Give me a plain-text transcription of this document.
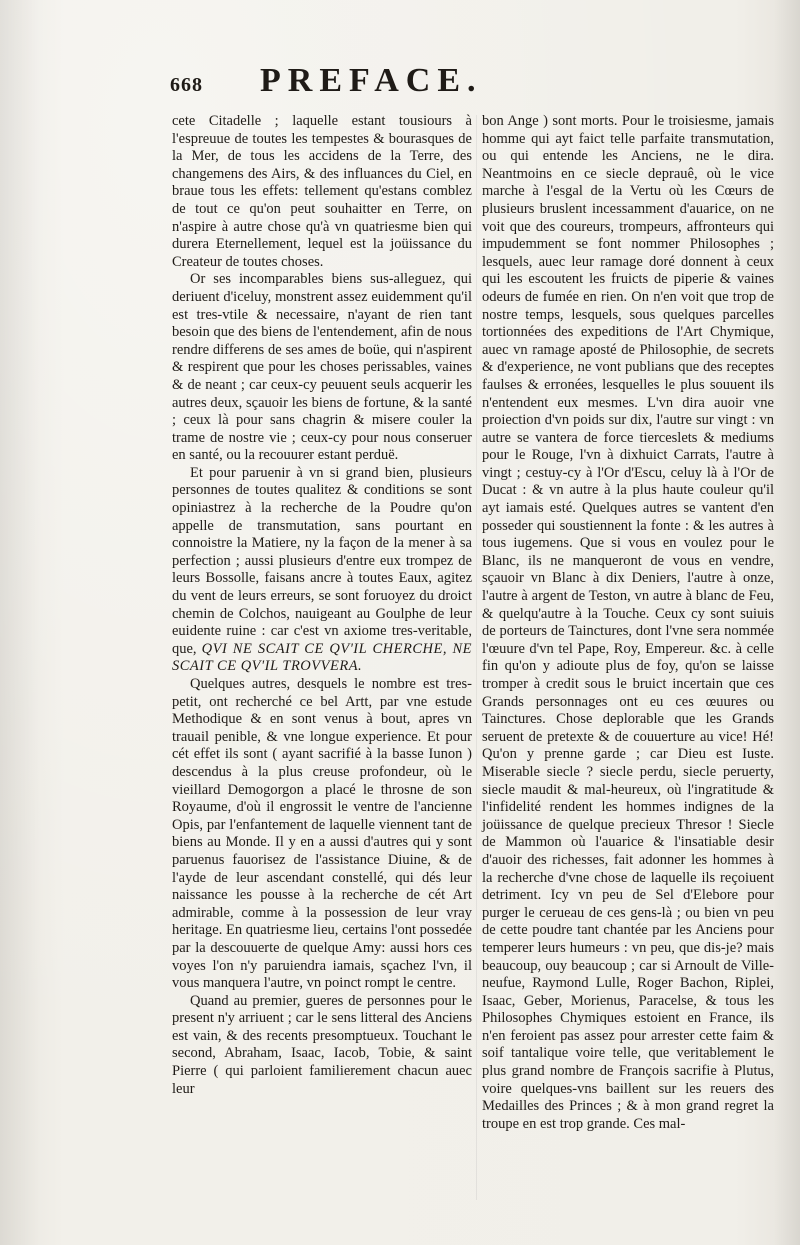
668 PREFACE.

cete Citadelle ; laquelle estant tousiours à l'espreuue de toutes les tempestes & bourasques de la Mer, de tous les accidens de la Terre, des changemens des Airs, & des influances du Ciel, en braue tous les effets: tellement qu'estans comblez de tout ce qu'on peut souhaitter en Terre, on n'aspire à autre chose qu'à vn quatriesme bien qui durera Eternellement, lequel est la joüissance du Createur de toutes choses.

Or ses incomparables biens sus-alleguez, qui deriuent d'iceluy, monstrent assez euidemment qu'il est tres-vtile & necessaire, n'ayant de rien tant besoin que des biens de l'entendement, afin de nous rendre differens de ses ames de boüe, qui n'aspirent & respirent que pour les choses perissables, vaines & de neant ; car ceux-cy peuuent seuls acquerir les autres deux, sçauoir les biens de fortune, & la santé ; ceux là pour sans chagrin & misere couler la trame de nostre vie ; ceux-cy pour nous conseruer en santé, ou la recouurer estant perduë.

Et pour paruenir à vn si grand bien, plusieurs personnes de toutes qualitez & conditions se sont opiniastrez à la recherche de la Poudre qu'on appelle de transmutation, sans pourtant en connoistre la Matiere, ny la façon de la mener à sa perfection ; aussi plusieurs d'entre eux trompez de leurs Bossolle, faisans ancre à toutes Eaux, agitez du vent de leurs erreurs, se sont foruoyez du droict chemin de Colchos, nauigeant au Goulphe de leur euidente ruine : car c'est vn axiome tres-veritable, que, QVI NE SCAIT CE QV'IL CHERCHE, NE SCAIT CE QV'IL TROVVERA.

Quelques autres, desquels le nombre est tres-petit, ont recherché ce bel Artt, par vne estude Methodique & en sont venus à bout, apres vn trauail penible, & vne longue experience. Et pour cét effet ils sont ( ayant sacrifié à la basse Iunon ) descendus à la plus creuse profondeur, où le vieillard Demogorgon a placé le throsne de son Royaume, d'où il engrossit le ventre de l'ancienne Opis, par l'enfantement de laquelle viennent tant de biens au Monde. Il y en a aussi d'autres qui y sont paruenus fauorisez de l'assistance Diuine, & de l'ayde de leur ascendant constellé, qui dés leur naissance les pousse à la recherche de cét Art admirable, comme à la possession de leur vray heritage. En quatriesme lieu, certains l'ont possedée par la descouuerte de quelque Amy: aussi hors ces voyes l'on n'y paruiendra iamais, sçachez l'vn, il vous manquera l'autre, vn poinct rompt le centre.

Quand au premier, gueres de personnes pour le present n'y arriuent ; car le sens litteral des Anciens est vain, & des recents presomptueux. Touchant le second, Abraham, Isaac, Iacob, Tobie, & saint Pierre ( qui parloient familierement chacun auec leur

bon Ange ) sont morts. Pour le troisiesme, jamais homme qui ayt faict telle parfaite transmutation, ou qui entende les Anciens, ne le dira. Neantmoins en ce siecle deprauê, où le vice marche à l'esgal de la Vertu où les Cœurs de plusieurs bruslent incessamment d'auarice, on ne voit que des coureurs, trompeurs, affronteurs qui impudemment se font nommer Philosophes ; lesquels, auec leur ramage doré donnent à ceux qui les escoutent les fruicts de piperie & vaines odeurs de fumée en rien. On n'en voit que trop de nostre temps, lesquels, sous quelques parcelles tortionnées des expeditions de l'Art Chymique, auec vn ramage aposté de Philosophie, de secrets & d'experience, ne vont publians que des receptes faulses & erronées, lesquelles le plus souuent ils n'entendent eux mesmes. L'vn dira auoir vne proiection d'vn poids sur dix, l'autre sur vingt : vn autre se vantera de force tierceslets & mediums pour le Rouge, l'vn à dixhuict Carrats, l'autre à vingt ; cestuy-cy à l'Or d'Escu, celuy là à l'Or de Ducat : & vn autre à la plus haute couleur qu'il ayt iamais esté. Quelques autres se vantent d'en posseder qui soustiennent la fonte : & les autres à tous iugemens. Que si vous en voulez pour le Blanc, ils ne manqueront de vous en vendre, sçauoir vn Blanc à dix Deniers, l'autre à onze, l'autre à argent de Teston, vn autre à blanc de Feu, & quelqu'autre à la Touche. Ceux cy sont suiuis de porteurs de Tainctures, dont l'vne sera nommée l'œuure d'vn tel Pape, Roy, Empereur. &c. à celle fin qu'on y adioute plus de foy, qu'on se laisse tromper à credit sous le bruict incertain que ces Grands personnages ont eu ces œuures ou Tainctures. Chose deplorable que les Grands seruent de pretexte & de couuerture au vice! Hé! Qu'on y prenne garde ; car Dieu est Iuste. Miserable siecle ? siecle perdu, siecle peruerty, siecle maudit & mal-heureux, où l'ingratitude & l'infidelité rendent les hommes indignes de la joüissance de quelque precieux Thresor ! Siecle de Mammon où l'auarice & l'insatiable desir d'auoir des richesses, fait adonner les hommes à la recherche d'vne chose de laquelle ils reçoiuent detriment. Icy vn peu de Sel d'Elebore pour purger le cerueau de ces gens-là ; ou bien vn peu de cette poudre tant chantée par les Anciens pour temperer leurs humeurs : vn peu, que dis-je? mais beaucoup, ouy beaucoup ; car si Arnoult de Ville-neufue, Raymond Lulle, Roger Bachon, Riplei, Isaac, Geber, Morienus, Paracelse, & tous les Philosophes Chymiques estoient en France, ils n'en feroient pas assez pour arrester cette faim & soif tantalique voire telle, que veritablement le plus grand nombre de François sacrifie à Plutus, voire quelques-vns baillent sur les reuers des Medailles des Princes ; & à mon grand regret la troupe en est trop grande. Ces mal-
